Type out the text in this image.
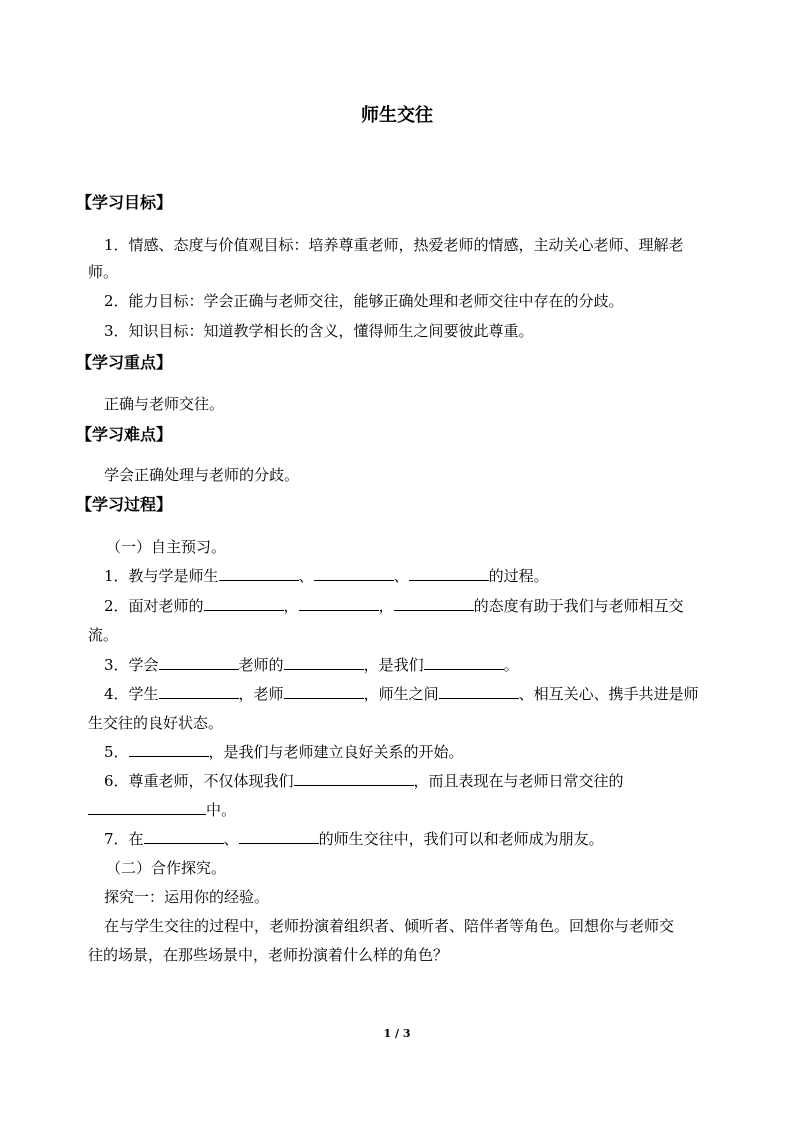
师生交往
【学习目标】
1．情感、态度与价值观目标：培养尊重老师，热爱老师的情感，主动关心老师、理解老
师。
2．能力目标：学会正确与老师交往，能够正确处理和老师交往中存在的分歧。
3．知识目标：知道教学相长的含义，懂得师生之间要彼此尊重。
【学习重点】
正确与老师交往。
【学习难点】
学会正确处理与老师的分歧。
【学习过程】
（一）自主预习。
1．教与学是师生	、	、	的过程。
2．面对老师的	，	，	的态度有助于我们与老师相互交
流。
3．学会	老师的	，是我们	。
4．学生	，老师	，师生之间	、相互关心、携手共进是师
生交往的良好状态。
5．	，是我们与老师建立良好关系的开始。
6．尊重老师，不仅体现我们	，而且表现在与老师日常交往的
中。
7．在	、	的师生交往中，我们可以和老师成为朋友。
（二）合作探究。
探究一：运用你的经验。
在与学生交往的过程中，老师扮演着组织者、倾听者、陪伴者等角色。回想你与老师交
往的场景，在那些场景中，老师扮演着什么样的角色？
1 / 3
